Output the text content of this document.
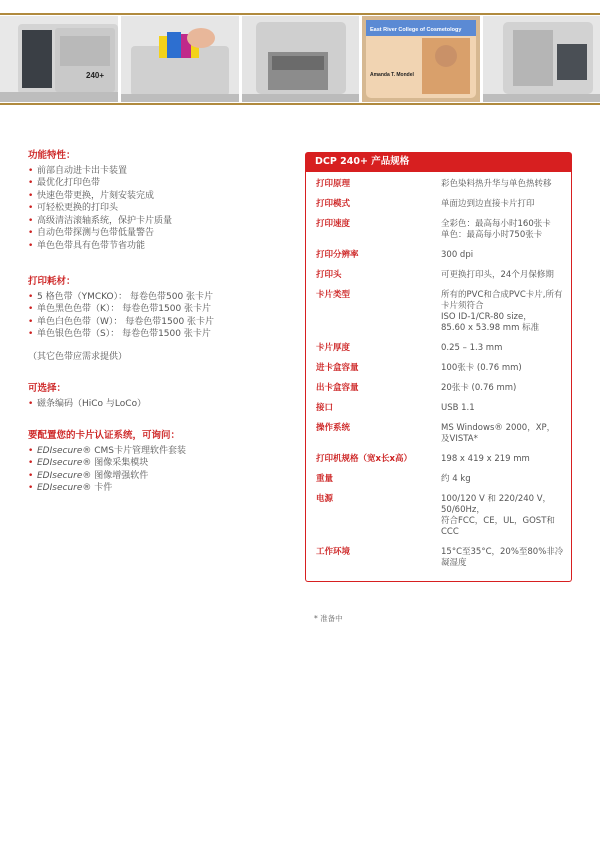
240+
East River College of Cosmetology
Amanda T. Mondel
功能特性：
• 前部自动进卡出卡装置
• 最优化打印色带
• 快速色带更换，片刻安装完成
• 可轻松更换的打印头
• 高级清洁滚轴系统，保护卡片质量
• 自动色带探测与色带低量警告
• 单色色带具有色带节省功能
打印耗材：
• 5 格色带（YMCKO）： 每卷色带500 张卡片
• 单色黑色色带（K）： 每卷色带1500 张卡片
• 单色白色色带（W）： 每卷色带1500 张卡片
• 单色银色色带（S）： 每卷色带1500 张卡片
（其它色带应需求提供）
可选择：
• 磁条编码（HiCo 与LoCo）
要配置您的卡片认证系统，可询问：
• EDIsecure® CMS卡片管理软件套装
• EDIsecure® 图像采集模块
• EDIsecure® 图像增强软件
• EDIsecure® 卡件
DCP 240+ 产品规格
打印原理	彩色染料热升华与单色热转移
打印模式	单面边到边直接卡片打印
打印速度	全彩色：最高每小时160张卡
单色：最高每小时750张卡
打印分辨率	300 dpi
打印头	可更换打印头，24个月保修期
卡片类型	所有的PVC和合成PVC卡片,所有卡片须符合
ISO ID-1/CR-80 size，
85.60 x 53.98 mm 标准
卡片厚度	0.25 – 1.3 mm
进卡盒容量	100张卡 (0.76 mm)
出卡盒容量	20张卡 (0.76 mm)
接口	USB 1.1
操作系统	MS Windows® 2000，XP，
及VISTA*
打印机规格（宽x长x高）	198 x 419 x 219 mm
重量	约 4 kg
电源	100/120 V 和 220/240 V，
50/60Hz，
符合FCC，CE，UL，GOST和CCC
工作环境	15°C至35°C，20%至80%非冷凝湿度
* 准备中
